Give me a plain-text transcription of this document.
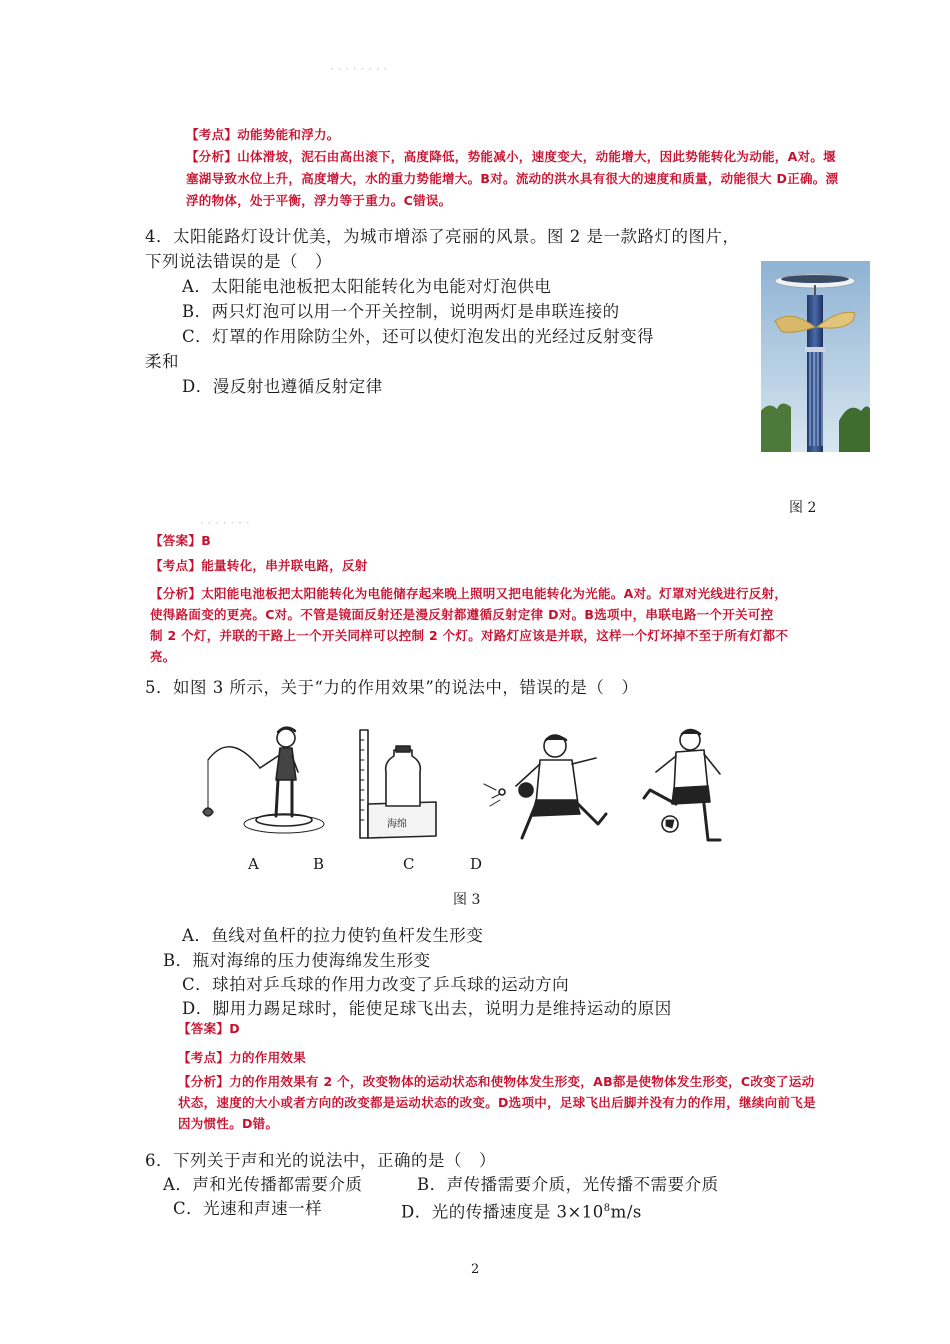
· · · · · · · ·
【考点】动能势能和浮力。
【分析】山体滑坡，泥石由高出滚下，高度降低，势能减小，速度变大，动能增大，因此势能转化为动能，A对。堰塞湖导致水位上升，高度增大，水的重力势能增大。B对。流动的洪水具有很大的速度和质量，动能很大 D正确。漂浮的物体，处于平衡，浮力等于重力。C错误。
4．太阳能路灯设计优美，为城市增添了亮丽的风景。图 2 是一款路灯的图片，
下列说法错误的是（　）
A．太阳能电池板把太阳能转化为电能对灯泡供电
B．两只灯泡可以用一个开关控制，说明两灯是串联连接的
C．灯罩的作用除防尘外，还可以使灯泡发出的光经过反射变得
柔和
D．漫反射也遵循反射定律
图 2
· · · · · · ·
【答案】B
【考点】能量转化，串并联电路，反射
【分析】太阳能电池板把太阳能转化为电能储存起来晚上照明又把电能转化为光能。A对。灯罩对光线进行反射，
使得路面变的更亮。C对。不管是镜面反射还是漫反射都遵循反射定律 D对。B选项中，串联电路一个开关可控
制 2 个灯，并联的干路上一个开关同样可以控制 2 个灯。对路灯应该是并联，这样一个灯坏掉不至于所有灯都不
亮。
5．如图 3 所示，关于“力的作用效果”的说法中，错误的是（　）
海绵
A	B	C	D
图 3
A．鱼线对鱼杆的拉力使钓鱼杆发生形变
B．瓶对海绵的压力使海绵发生形变
C．球拍对乒乓球的作用力改变了乒乓球的运动方向
D．脚用力踢足球时，能使足球飞出去，说明力是维持运动的原因
【答案】D
【考点】力的作用效果
【分析】力的作用效果有 2 个，改变物体的运动状态和使物体发生形变，AB都是使物体发生形变，C改变了运动
状态，速度的大小或者方向的改变都是运动状态的改变。D选项中，足球飞出后脚并没有力的作用，继续向前飞是
因为惯性。D错。
6．下列关于声和光的说法中，正确的是（　）
A．声和光传播都需要介质	B．声传播需要介质，光传播不需要介质
C．光速和声速一样	D．光的传播速度是 $3\times 10^8m/s$
2
